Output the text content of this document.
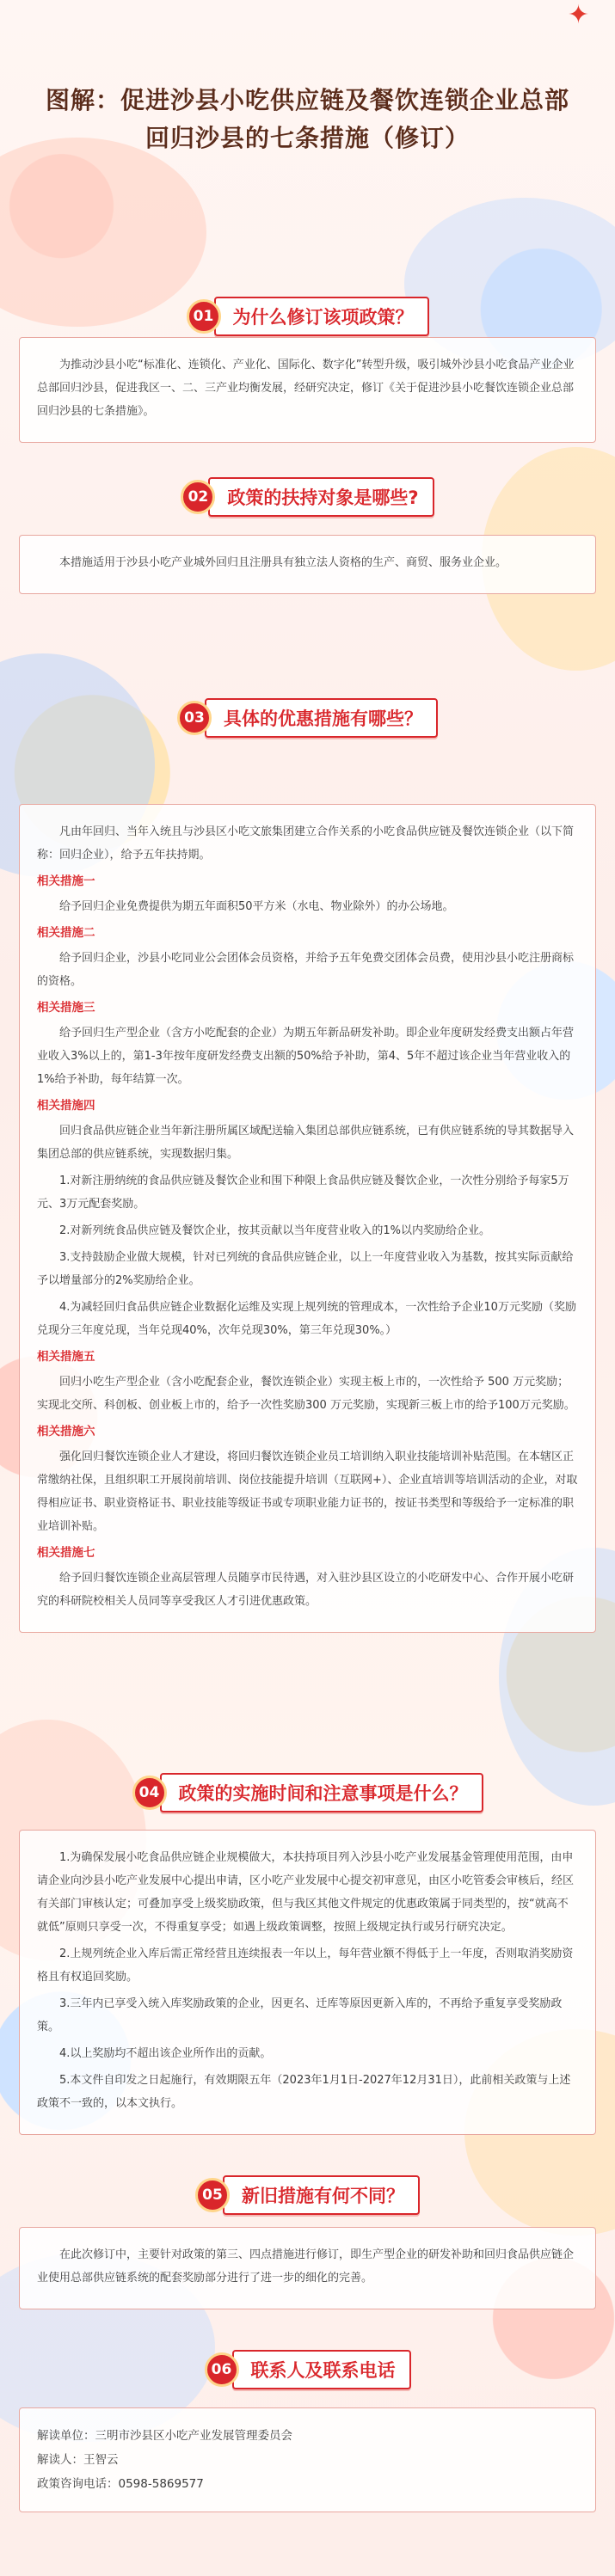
✦
图解：促进沙县小吃供应链及餐饮连锁企业总部回归沙县的七条措施（修订）
01	为什么修订该项政策？

为推动沙县小吃“标准化、连锁化、产业化、国际化、数字化”转型升级，吸引城外沙县小吃食品产业企业总部回归沙县，促进我区一、二、三产业均衡发展，经研究决定，修订《关于促进沙县小吃餐饮连锁企业总部回归沙县的七条措施》。

02	政策的扶持对象是哪些?

本措施适用于沙县小吃产业城外回归且注册具有独立法人资格的生产、商贸、服务业企业。

03	具体的优惠措施有哪些？

凡由年回归、当年入统且与沙县区小吃文旅集团建立合作关系的小吃食品供应链及餐饮连锁企业（以下简称：回归企业），给予五年扶持期。

相关措施一

给予回归企业免费提供为期五年面积50平方米（水电、物业除外）的办公场地。

相关措施二

给予回归企业，沙县小吃同业公会团体会员资格，并给予五年免费交团体会员费，使用沙县小吃注册商标的资格。

相关措施三

给予回归生产型企业（含方小吃配套的企业）为期五年新品研发补助。即企业年度研发经费支出额占年营业收入3%以上的，第1-3年按年度研发经费支出额的50%给予补助，第4、5年不超过该企业当年营业收入的1%给予补助，每年结算一次。

相关措施四

回归食品供应链企业当年新注册所属区域配送输入集团总部供应链系统，已有供应链系统的导其数据导入集团总部的供应链系统，实现数据归集。

1.对新注册纳统的食品供应链及餐饮企业和围下种限上食品供应链及餐饮企业，一次性分别给予每家5万元、3万元配套奖励。

2.对新列统食品供应链及餐饮企业，按其贡献以当年度营业收入的1%以内奖励给企业。

3.支持鼓励企业做大规模，针对已列统的食品供应链企业，以上一年度营业收入为基数，按其实际贡献给予以增量部分的2%奖励给企业。

4.为减轻回归食品供应链企业数据化运维及实现上规列统的管理成本，一次性给予企业10万元奖励（奖励兑现分三年度兑现，当年兑现40%，次年兑现30%，第三年兑现30%。）

相关措施五

回归小吃生产型企业（含小吃配套企业，餐饮连锁企业）实现主板上市的，一次性给予 500 万元奖励；实现北交所、科创板、创业板上市的，给予一次性奖励300 万元奖励，实现新三板上市的给予100万元奖励。

相关措施六

强化回归餐饮连锁企业人才建设，将回归餐饮连锁企业员工培训纳入职业技能培训补贴范围。在本辖区正常缴纳社保，且组织职工开展岗前培训、岗位技能提升培训（互联网+）、企业直培训等培训活动的企业，对取得相应证书、职业资格证书、职业技能等级证书或专项职业能力证书的，按证书类型和等级给予一定标准的职业培训补贴。

相关措施七

给予回归餐饮连锁企业高层管理人员随享市民待遇，对入驻沙县区设立的小吃研发中心、合作开展小吃研究的科研院校相关人员同等享受我区人才引进优惠政策。

04	政策的实施时间和注意事项是什么？

1.为确保发展小吃食品供应链企业规模做大，本扶持项目列入沙县小吃产业发展基金管理使用范围，由申请企业向沙县小吃产业发展中心提出申请，区小吃产业发展中心提交初审意见，由区小吃管委会审核后，经区有关部门审核认定；可叠加享受上级奖励政策，但与我区其他文件规定的优惠政策属于同类型的，按“就高不就低”原则只享受一次，不得重复享受；如遇上级政策调整，按照上级规定执行或另行研究决定。

2.上规列统企业入库后需正常经营且连续报表一年以上，每年营业额不得低于上一年度，否则取消奖励资格且有权追回奖励。

3.三年内已享受入统入库奖励政策的企业，因更名、迁库等原因更新入库的，不再给予重复享受奖励政策。

4.以上奖励均不超出该企业所作出的贡献。

5.本文件自印发之日起施行，有效期限五年（2023年1月1日-2027年12月31日），此前相关政策与上述政策不一致的，以本文执行。

05	新旧措施有何不同？

在此次修订中，主要针对政策的第三、四点措施进行修订，即生产型企业的研发补助和回归食品供应链企业使用总部供应链系统的配套奖励部分进行了进一步的细化的完善。

06	联系人及联系电话
解读单位：三明市沙县区小吃产业发展管理委员会
解读人：王智云
政策咨询电话：0598-5869577
